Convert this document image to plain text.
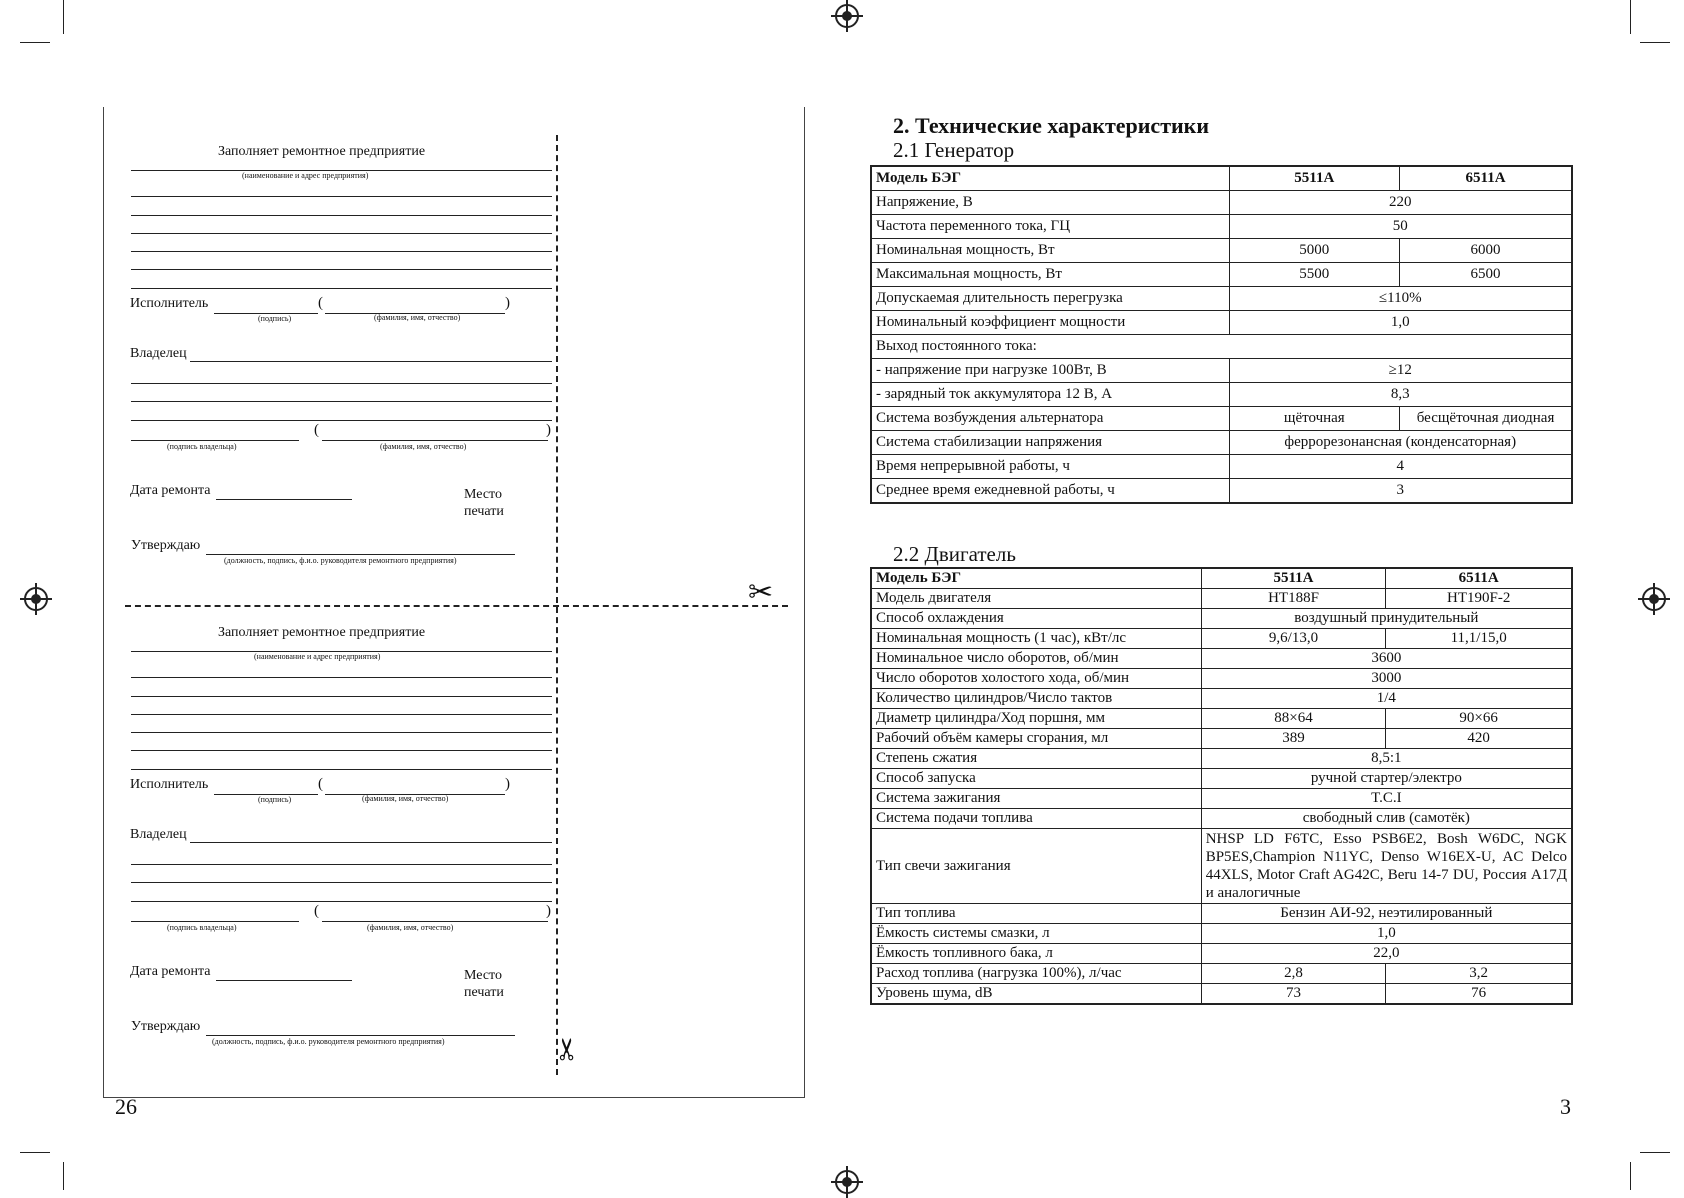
Заполняет ремонтное предприятие
(наименование и адрес предприятия)
Исполнитель	(	)
(подпись)	(фамилия, имя, отчество)
Владелец
(	)
(подпись владельца)	(фамилия, имя, отчество)
Дата ремонта	Место
печати
Утверждаю
(должность, подпись, ф.и.о. руководителя ремонтного предприятия)
✂
✂
Заполняет ремонтное предприятие
(наименование и адрес предприятия)
Исполнитель	(	)
(подпись)	(фамилия, имя, отчество)
Владелец
(	)
(подпись владельца)	(фамилия, имя, отчество)
Дата ремонта	Место
печати
Утверждаю
(должность, подпись, ф.и.о. руководителя ремонтного предприятия)
26
2. Технические характеристики
2.1 Генератор
Модель БЭГ	5511А	6511А
Напряжение, В	220	
Частота переменного тока, ГЦ	50	
Номинальная мощность, Вт	5000	6000
Максимальная мощность, Вт	5500	6500
Допускаемая длительность перегрузка	≤110%	
Номинальный коэффициент мощности	1,0	
Выход постоянного тока:		
- напряжение при нагрузке 100Вт, В	≥12	
- зарядный ток аккумулятора 12 В, А	8,3	
Система возбуждения альтернатора	щёточная	бесщёточная диодная
Система стабилизации напряжения	феррорезонансная (конденсаторная)	
Время непрерывной работы, ч	4	
Среднее время ежедневной работы, ч	3	
2.2 Двигатель
Модель БЭГ	5511А	6511А
Модель двигателя	HT188F	HT190F-2
Способ охлаждения	воздушный принудительный	
Номинальная мощность (1 час), кВт/лс	9,6/13,0	11,1/15,0
Номинальное число оборотов, об/мин	3600	
Число оборотов холостого хода, об/мин	3000	
Количество цилиндров/Число тактов	1/4	
Диаметр цилиндра/Ход поршня, мм	88×64	90×66
Рабочий объём камеры сгорания, мл	389	420
Степень сжатия	8,5:1	
Способ запуска	ручной стартер/электро	
Система зажигания	T.C.I	
Система подачи топлива	свободный слив (самотёк)	
Тип свечи зажигания	NHSP LD F6TC, Esso PSB6E2, Bosh W6DC, NGK BP5ES,Champion N11YC, Denso W16EX-U, AC Delco 44XLS, Motor Craft AG42C, Beru 14-7 DU, Россия А17Д и аналогичные	
Тип топлива	Бензин АИ-92, неэтилированный	
Ёмкость системы смазки, л	1,0	
Ёмкость топливного бака, л	22,0	
Расход топлива (нагрузка 100%), л/час	2,8	3,2
Уровень шума, dB	73	76
3
